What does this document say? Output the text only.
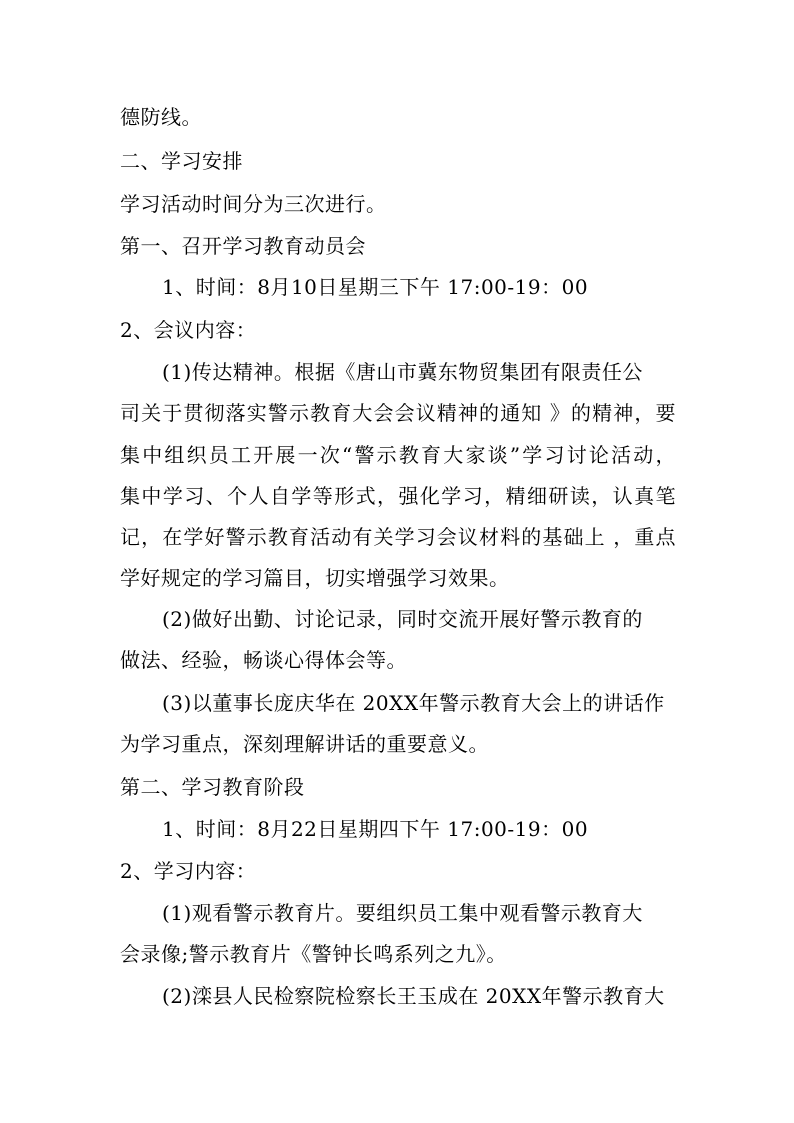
德防线。
二、学习安排
学习活动时间分为三次进行。
第一、召开学习教育动员会
1、时间：8月10日星期三下午 17:00-19：00
2、会议内容：
(1)传达精神。根据《唐山市冀东物贸集团有限责任公
司关于贯彻落实警示教育大会会议精神的通知 》的精神，要
集中组织员工开展一次“警示教育大家谈”学习讨论活动，
集中学习、个人自学等形式，强化学习，精细研读，认真笔
记，在学好警示教育活动有关学习会议材料的基础上 ，重点
学好规定的学习篇目，切实增强学习效果。
(2)做好出勤、讨论记录，同时交流开展好警示教育的
做法、经验，畅谈心得体会等。
(3)以董事长庞庆华在 20XX年警示教育大会上的讲话作
为学习重点，深刻理解讲话的重要意义。
第二、学习教育阶段
1、时间：8月22日星期四下午 17:00-19：00
2、学习内容：
(1)观看警示教育片。要组织员工集中观看警示教育大
会录像;警示教育片《警钟长鸣系列之九》。
(2)滦县人民检察院检察长王玉成在 20XX年警示教育大
